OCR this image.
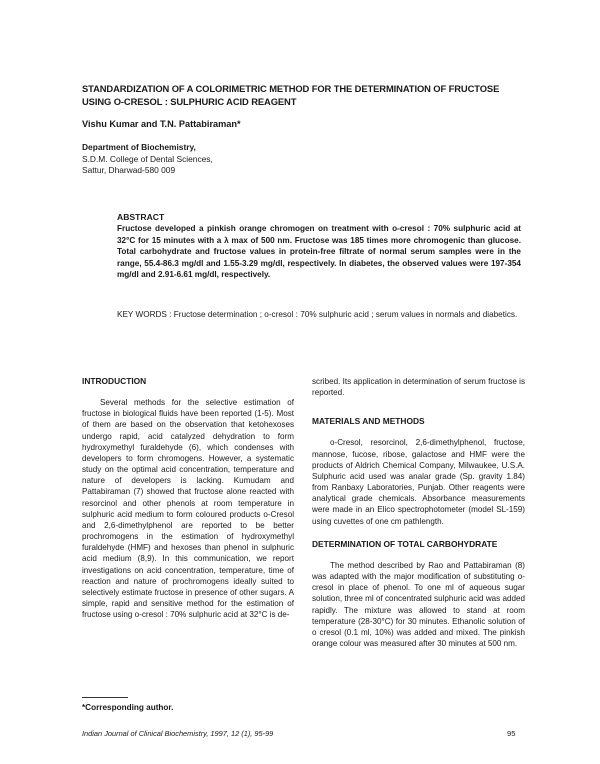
STANDARDIZATION OF A COLORIMETRIC METHOD FOR THE DETERMINATION OF FRUCTOSE USING O-CRESOL : SULPHURIC ACID REAGENT
Vishu Kumar and T.N. Pattabiraman*
Department of Biochemistry,
S.D.M. College of Dental Sciences,
Sattur, Dharwad-580 009
ABSTRACT
Fructose developed a pinkish orange chromogen on treatment with o-cresol : 70% sulphuric acid at 32°C for 15 minutes with a λ max of 500 nm. Fructose was 185 times more chromogenic than glucose. Total carbohydrate and fructose values in protein-free filtrate of normal serum samples were in the range, 55.4-86.3 mg/dl and 1.55-3.29 mg/dl, respectively. In diabetes, the observed values were 197-354 mg/dl and 2.91-6.61 mg/dl, respectively.
KEY WORDS : Fructose determination ; o-cresol : 70% sulphuric acid ; serum values in normals and diabetics.
INTRODUCTION

Several methods for the selective estimation of fructose in biological fluids have been reported (1-5). Most of them are based on the observation that ketohexoses undergo rapid, acid catalyzed dehydration to form hydroxymethyl furaldehyde (6), which condenses with developers to form chromogens. However, a systematic study on the optimal acid concentration, temperature and nature of developers is lacking. Kumudam and Pattabiraman (7) showed that fructose alone reacted with resorcinol and other phenols at room temperature in sulphuric acid medium to form coloured products o-Cresol and 2,6-dimethylphenol are reported to be better prochromogens in the estimation of hydroxymethyl furaldehyde (HMF) and hexoses than phenol in sulphuric acid medium (8,9). In this communication, we report investigations on acid concentration, temperature, time of reaction and nature of prochromogens ideally suited to selectively estimate fructose in presence of other sugars. A simple, rapid and sensitive method for the estimation of fructose using o-cresol : 70% sulphuric acid at 32°C is de-

scribed. Its application in determination of serum fructose is reported.

MATERIALS AND METHODS

o-Cresol, resorcinol, 2,6-dimethylphenol, fructose, mannose, fucose, ribose, galactose and HMF were the products of Aldrich Chemical Company, Milwaukee, U.S.A. Sulphuric acid used was analar grade (Sp. gravity 1.84) from Ranbaxy Laboratories, Punjab. Other reagents were analytical grade chemicals. Absorbance measurements were made in an Elico spectrophotometer (model SL-159) using cuvettes of one cm pathlength.

DETERMINATION OF TOTAL CARBOHYDRATE

The method described by Rao and Pattabiraman (8) was adapted with the major modification of substituting o-cresol in place of phenol. To one ml of aqueous sugar solution, three ml of concentrated sulphuric acid was added rapidly. The mixture was allowed to stand at room temperature (28-30°C) for 30 minutes. Ethanolic solution of o cresol (0.1 ml, 10%) was added and mixed. The pinkish orange colour was measured after 30 minutes at 500 nm.

*Corresponding author.
Indian Journal of Clinical Biochemistry, 1997, 12 (1), 95-99	95
